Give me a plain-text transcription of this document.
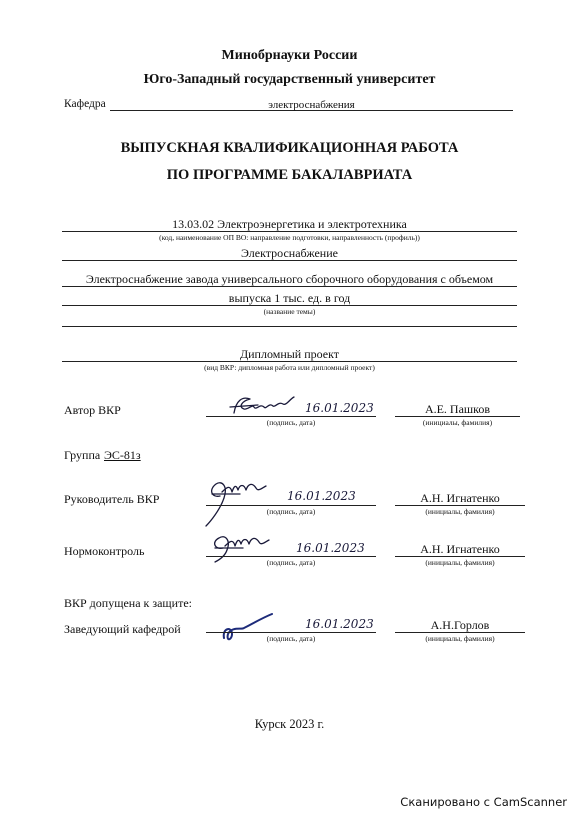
Минобрнауки России
Юго-Западный государственный университет
Кафедра	электроснабжения
ВЫПУСКНАЯ КВАЛИФИКАЦИОННАЯ РАБОТА
ПО ПРОГРАММЕ БАКАЛАВРИАТА
13.03.02 Электроэнергетика и электротехника
(код, наименование ОП ВО: направление подготовки, направленность (профиль))
Электроснабжение
Электроснабжение завода универсального сборочного оборудования с объемом
выпуска 1 тыс. ед. в год
(название темы)
Дипломный проект
(вид ВКР: дипломная работа или дипломный проект)
Автор ВКР	16.01.2023
(подпись, дата)
А.Е. Пашков
(инициалы, фамилия)
Группа ЭС-81з
Руководитель ВКР	16.01.2023
(подпись, дата)
А.Н. Игнатенко
(инициалы, фамилия)
Нормоконтроль	16.01.2023
(подпись, дата)
А.Н. Игнатенко
(инициалы, фамилия)
ВКР допущена к защите:
Заведующий кафедрой	16.01.2023
(подпись, дата)
А.Н.Горлов
(инициалы, фамилия)
Курск 2023 г.
Сканировано с CamScanner
